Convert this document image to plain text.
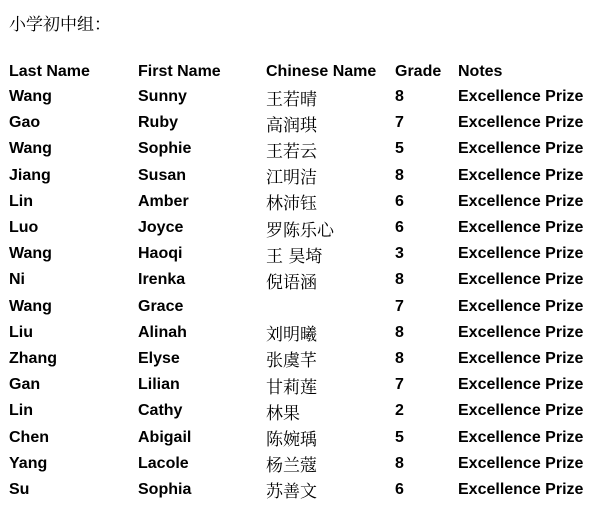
小学初中组：
Last Name	First Name	Chinese Name	Grade	Notes
Wang	Sunny	王若晴	8	Excellence Prize
Gao	Ruby	高润琪	7	Excellence Prize
Wang	Sophie	王若云	5	Excellence Prize
Jiang	Susan	江明洁	8	Excellence Prize
Lin	Amber	林沛钰	6	Excellence Prize
Luo	Joyce	罗陈乐心	6	Excellence Prize
Wang	Haoqi	王 昊埼	3	Excellence Prize
Ni	Irenka	倪语涵	8	Excellence Prize
Wang	Grace		7	Excellence Prize
Liu	Alinah	刘明曦	8	Excellence Prize
Zhang	Elyse	张虞芊	8	Excellence Prize
Gan	Lilian	甘莉莲	7	Excellence Prize
Lin	Cathy	林果	2	Excellence Prize
Chen	Abigail	陈婉瑀	5	Excellence Prize
Yang	Lacole	杨兰蔻	8	Excellence Prize
Su	Sophia	苏善文	6	Excellence Prize
